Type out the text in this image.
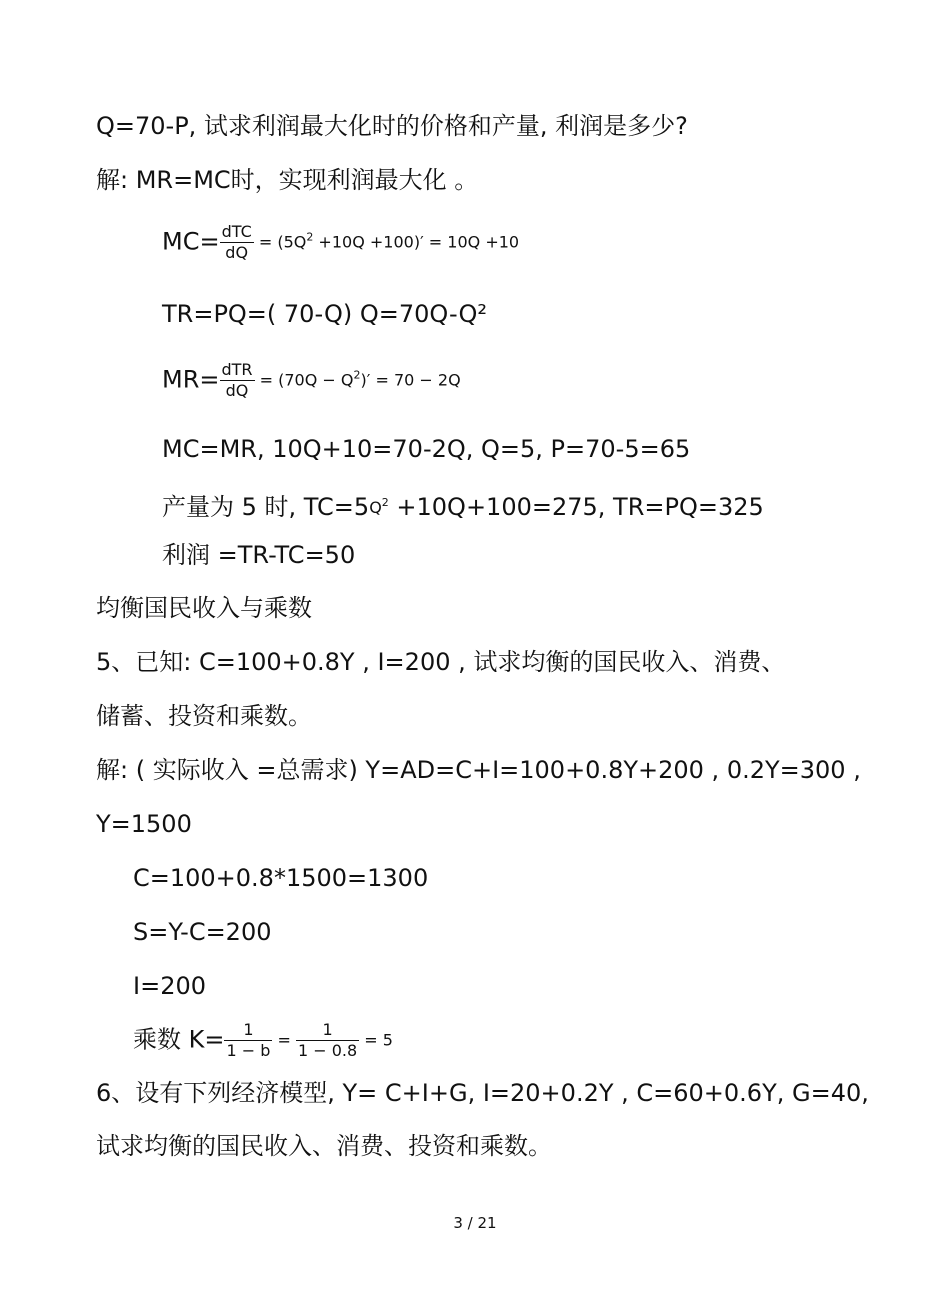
Q=70-P, 试求利润最大化时的价格和产量, 利润是多少?
解: MR=MC时，实现利润最大化 。
$MC= \frac{\text{dTC}}{dQ} = (5Q^2 +10Q +100)' = 10Q +10$
TR=PQ=( 70-Q) Q=70Q-Q²
$MR= \frac{\text{dTR}}{dQ} = (70Q - Q^2)' = 70 - 2Q$
MC=MR, 10Q+10=70-2Q, Q=5, P=70-5=65
产量为 5 时, $TC=5Q^2 +10Q+100=275$, TR=PQ=325
利润 =TR-TC=50
均衡国民收入与乘数
5、已知: C=100+0.8Y , I=200 , 试求均衡的国民收入、消费、
储蓄、投资和乘数。
解: ( 实际收入 =总需求) Y=AD=C+I=100+0.8Y+200 , 0.2Y=300 ,
Y=1500
C=100+0.8*1500=1300
S=Y-C=200
I=200
乘数 $K= \frac{1}{1 - b} = \frac{1}{1 - 0.8} = 5$
6、设有下列经济模型, Y= C+I+G, I=20+0.2Y , C=60+0.6Y, G=40,
试求均衡的国民收入、消费、投资和乘数。
3 / 21
